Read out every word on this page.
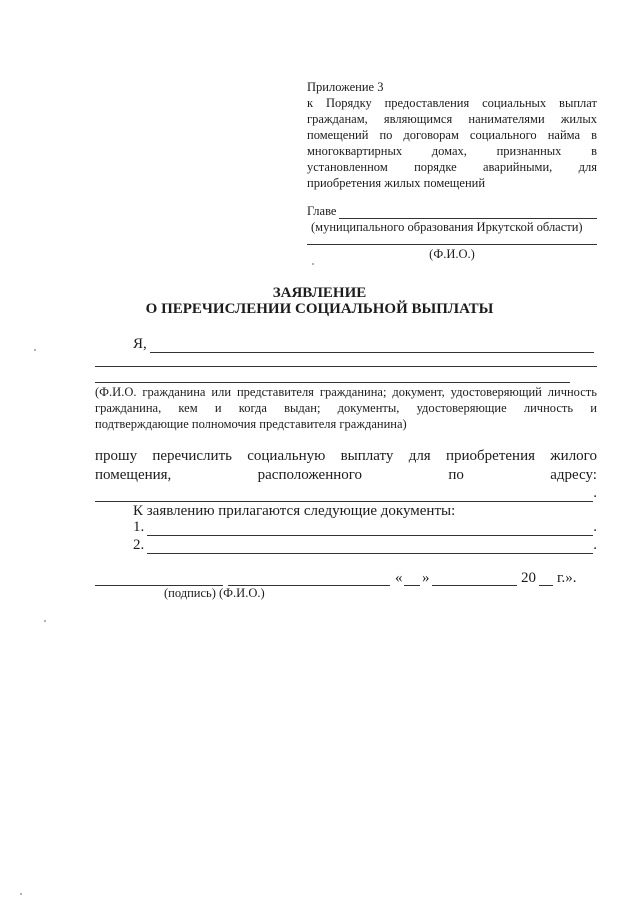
Приложение 3
к Порядку предоставления социальных выплат
гражданам, являющимся нанимателями жилых
помещений по договорам социального найма в
многоквартирных домах, признанных в
установленном порядке аварийными, для
приобретения жилых помещений
Главе
(муниципального образования Иркутской области)
(Ф.И.О.)
ЗАЯВЛЕНИЕ
О ПЕРЕЧИСЛЕНИИ СОЦИАЛЬНОЙ ВЫПЛАТЫ
Я,
(Ф.И.О. гражданина или представителя гражданина; документ, удостоверяющий личность
гражданина, кем и когда выдан; документы, удостоверяющие личность и
подтверждающие полномочия представителя гражданина)
прошу перечислить социальную выплату для приобретения жилого
помещения,	расположенного	по	адресу:
.
К заявлению прилагаются следующие документы:
1.	.
2.	.
« »	20 г.».
(подпись) (Ф.И.О.)
